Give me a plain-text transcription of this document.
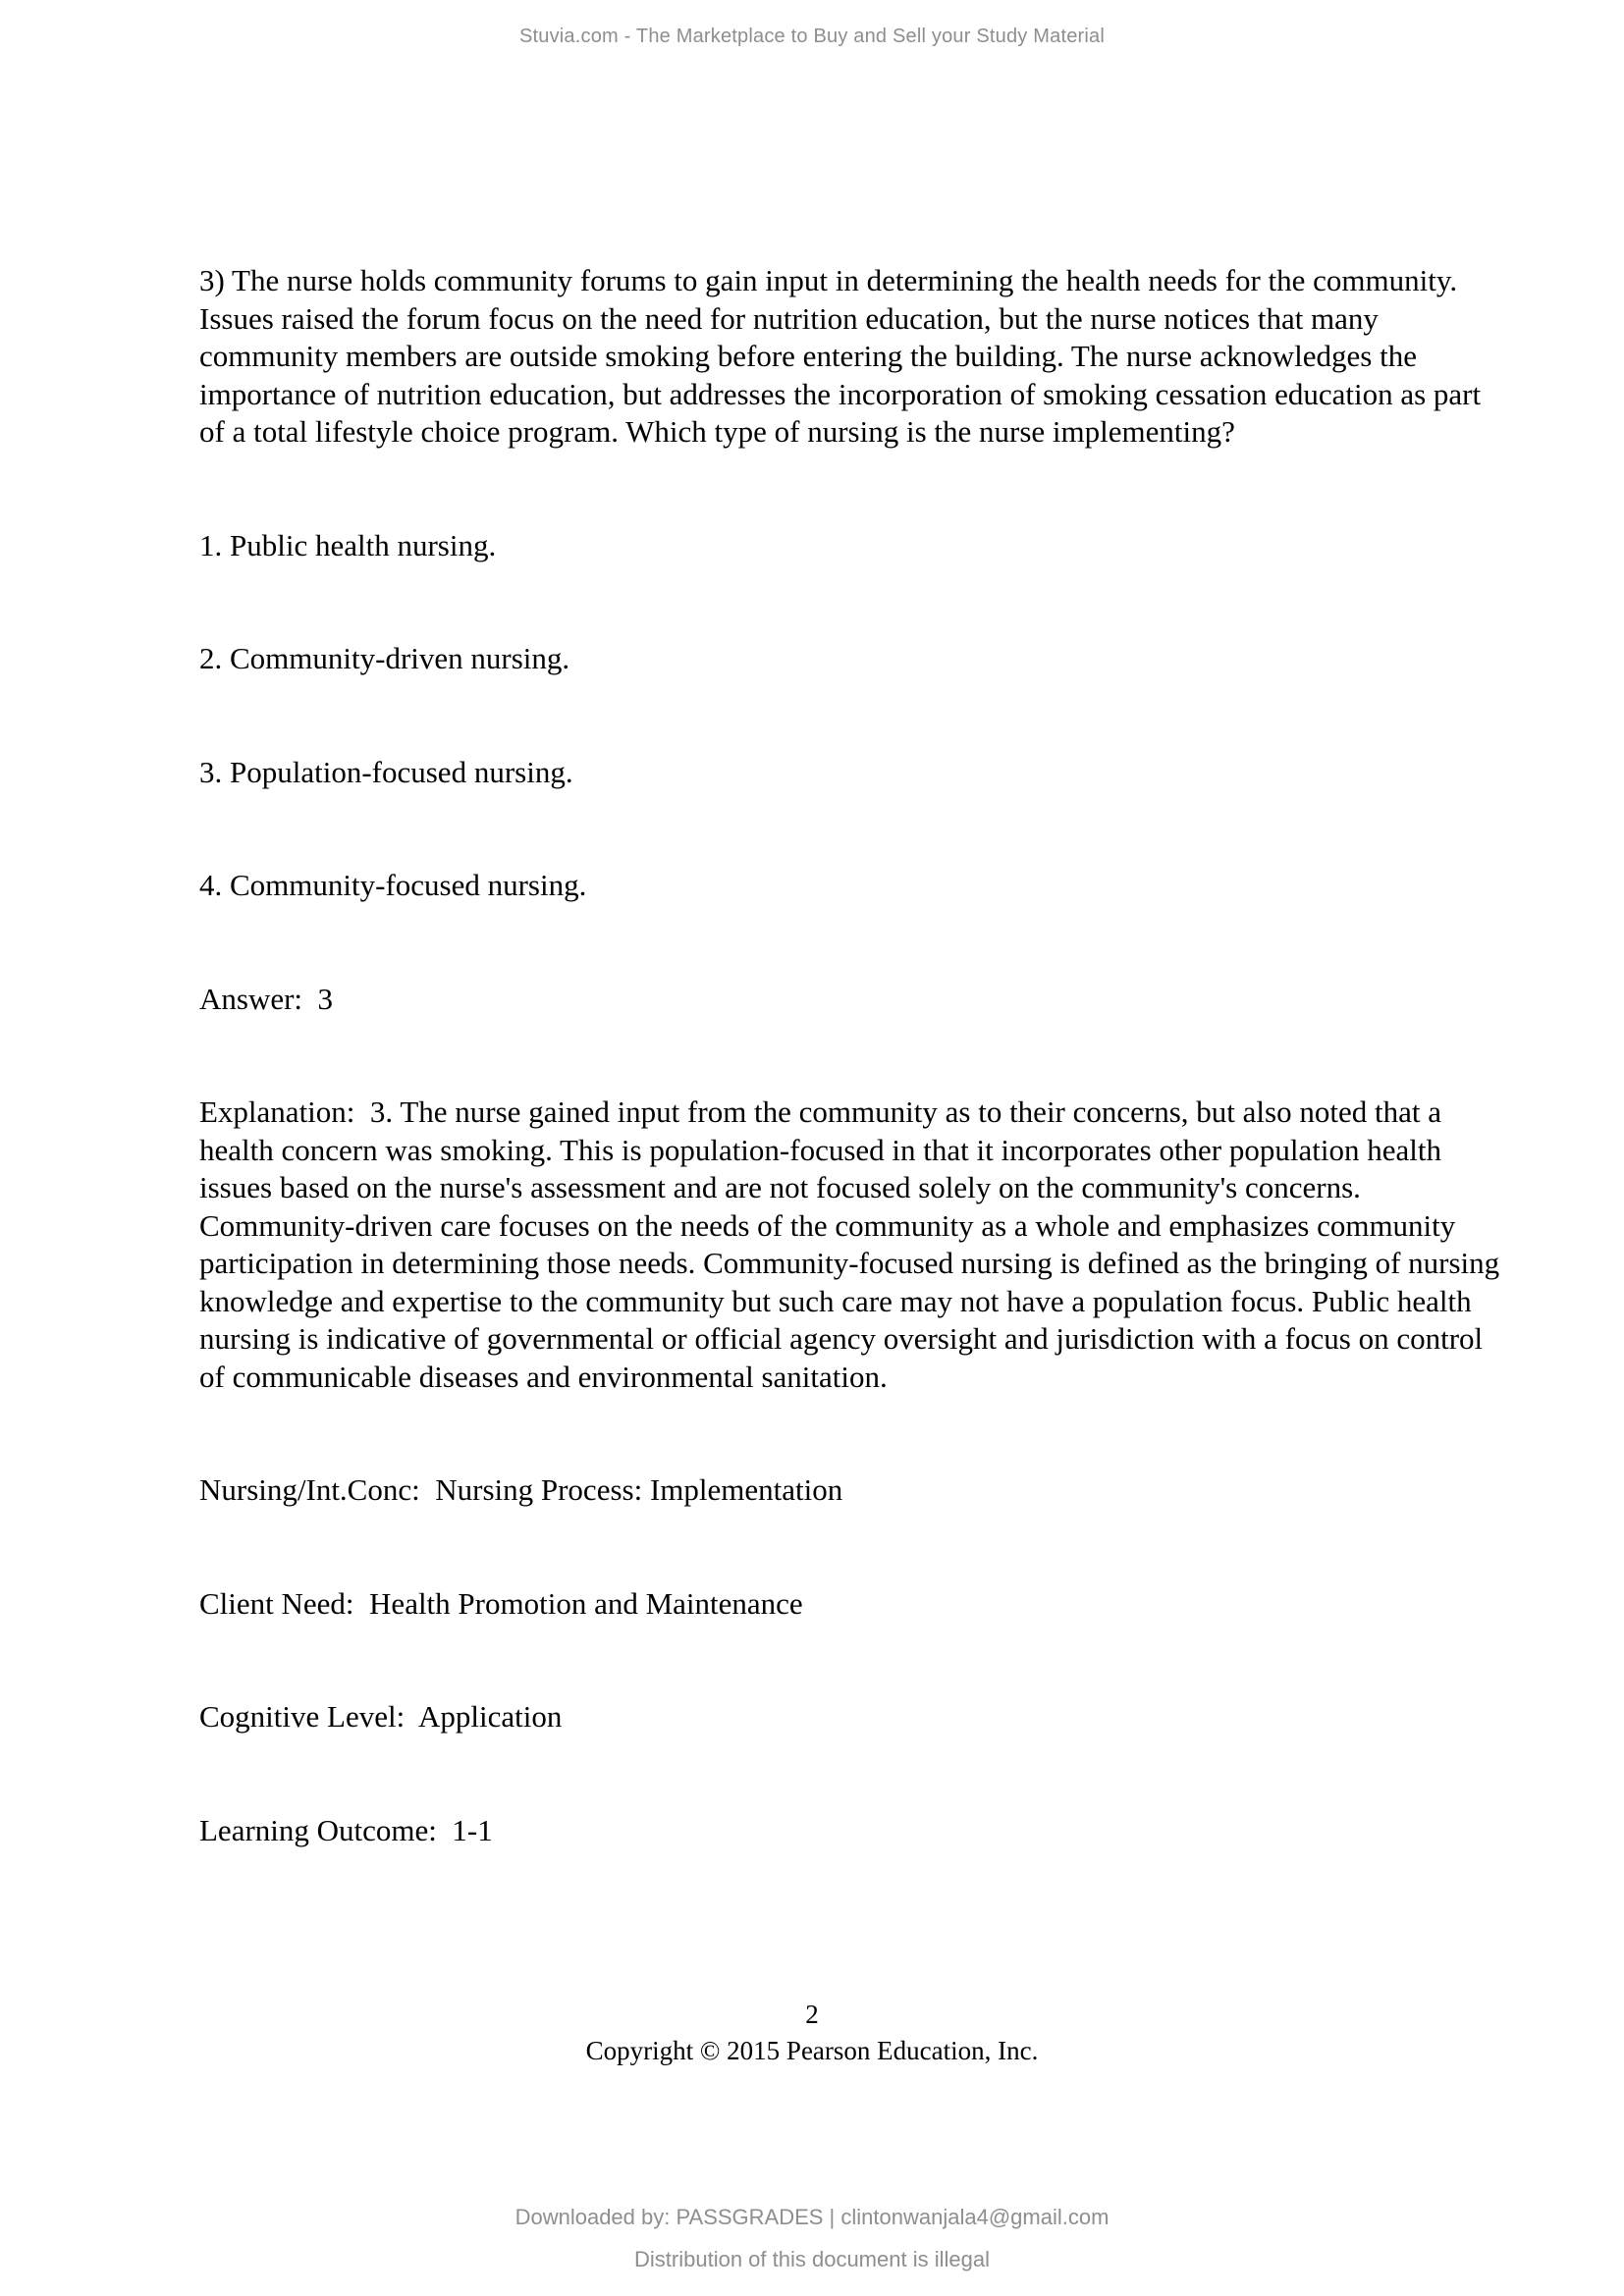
Stuvia.com - The Marketplace to Buy and Sell your Study Material

3) The nurse holds community forums to gain input in determining the health needs for the community. Issues raised the forum focus on the need for nutrition education, but the nurse notices that many community members are outside smoking before entering the building. The nurse acknowledges the importance of nutrition education, but addresses the incorporation of smoking cessation education as part of a total lifestyle choice program. Which type of nursing is the nurse implementing?

1. Public health nursing.

2. Community-driven nursing.

3. Population-focused nursing.

4. Community-focused nursing.

Answer:  3

Explanation:  3. The nurse gained input from the community as to their concerns, but also noted that a health concern was smoking. This is population-focused in that it incorporates other population health issues based on the nurse's assessment and are not focused solely on the community's concerns. Community-driven care focuses on the needs of the community as a whole and emphasizes community participation in determining those needs. Community-focused nursing is defined as the bringing of nursing knowledge and expertise to the community but such care may not have a population focus. Public health nursing is indicative of governmental or official agency oversight and jurisdiction with a focus on control of communicable diseases and environmental sanitation.

Nursing/Int.Conc:  Nursing Process: Implementation

Client Need:  Health Promotion and Maintenance

Cognitive Level:  Application

Learning Outcome:  1-1

2
Copyright © 2015 Pearson Education, Inc.
Downloaded by: PASSGRADES | clintonwanjala4@gmail.com
Distribution of this document is illegal
